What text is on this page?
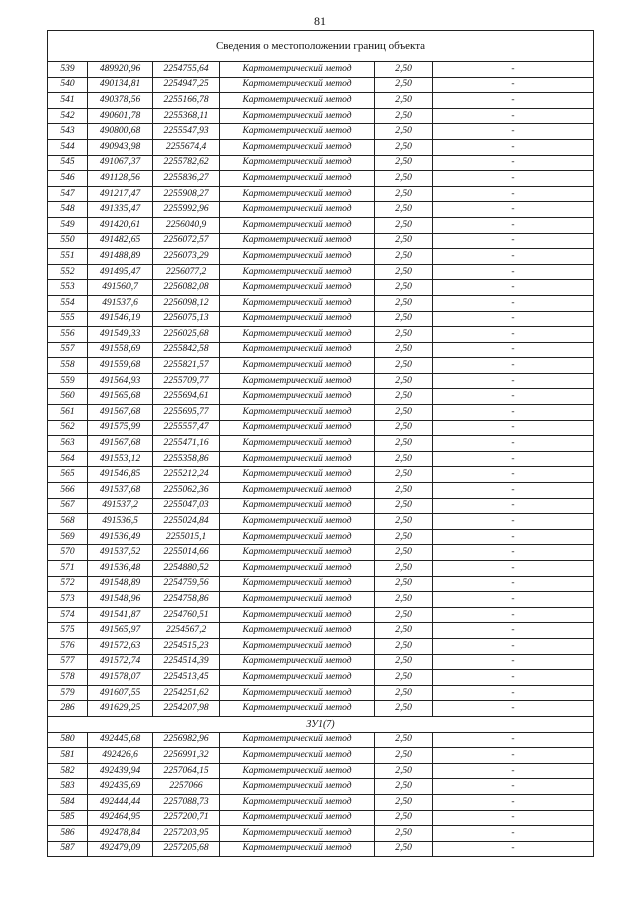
81
Сведения о местоположении границ объекта					
539	489920,96	2254755,64	Картометрический метод	2,50	-
540	490134,81	2254947,25	Картометрический метод	2,50	-
541	490378,56	2255166,78	Картометрический метод	2,50	-
542	490601,78	2255368,11	Картометрический метод	2,50	-
543	490800,68	2255547,93	Картометрический метод	2,50	-
544	490943,98	2255674,4	Картометрический метод	2,50	-
545	491067,37	2255782,62	Картометрический метод	2,50	-
546	491128,56	2255836,27	Картометрический метод	2,50	-
547	491217,47	2255908,27	Картометрический метод	2,50	-
548	491335,47	2255992,96	Картометрический метод	2,50	-
549	491420,61	2256040,9	Картометрический метод	2,50	-
550	491482,65	2256072,57	Картометрический метод	2,50	-
551	491488,89	2256073,29	Картометрический метод	2,50	-
552	491495,47	2256077,2	Картометрический метод	2,50	-
553	491560,7	2256082,08	Картометрический метод	2,50	-
554	491537,6	2256098,12	Картометрический метод	2,50	-
555	491546,19	2256075,13	Картометрический метод	2,50	-
556	491549,33	2256025,68	Картометрический метод	2,50	-
557	491558,69	2255842,58	Картометрический метод	2,50	-
558	491559,68	2255821,57	Картометрический метод	2,50	-
559	491564,93	2255709,77	Картометрический метод	2,50	-
560	491565,68	2255694,61	Картометрический метод	2,50	-
561	491567,68	2255695,77	Картометрический метод	2,50	-
562	491575,99	2255557,47	Картометрический метод	2,50	-
563	491567,68	2255471,16	Картометрический метод	2,50	-
564	491553,12	2255358,86	Картометрический метод	2,50	-
565	491546,85	2255212,24	Картометрический метод	2,50	-
566	491537,68	2255062,36	Картометрический метод	2,50	-
567	491537,2	2255047,03	Картометрический метод	2,50	-
568	491536,5	2255024,84	Картометрический метод	2,50	-
569	491536,49	2255015,1	Картометрический метод	2,50	-
570	491537,52	2255014,66	Картометрический метод	2,50	-
571	491536,48	2254880,52	Картометрический метод	2,50	-
572	491548,89	2254759,56	Картометрический метод	2,50	-
573	491548,96	2254758,86	Картометрический метод	2,50	-
574	491541,87	2254760,51	Картометрический метод	2,50	-
575	491565,97	2254567,2	Картометрический метод	2,50	-
576	491572,63	2254515,23	Картометрический метод	2,50	-
577	491572,74	2254514,39	Картометрический метод	2,50	-
578	491578,07	2254513,45	Картометрический метод	2,50	-
579	491607,55	2254251,62	Картометрический метод	2,50	-
286	491629,25	2254207,98	Картометрический метод	2,50	-
ЗУ1(7)					
580	492445,68	2256982,96	Картометрический метод	2,50	-
581	492426,6	2256991,32	Картометрический метод	2,50	-
582	492439,94	2257064,15	Картометрический метод	2,50	-
583	492435,69	2257066	Картометрический метод	2,50	-
584	492444,44	2257088,73	Картометрический метод	2,50	-
585	492464,95	2257200,71	Картометрический метод	2,50	-
586	492478,84	2257203,95	Картометрический метод	2,50	-
587	492479,09	2257205,68	Картометрический метод	2,50	-
